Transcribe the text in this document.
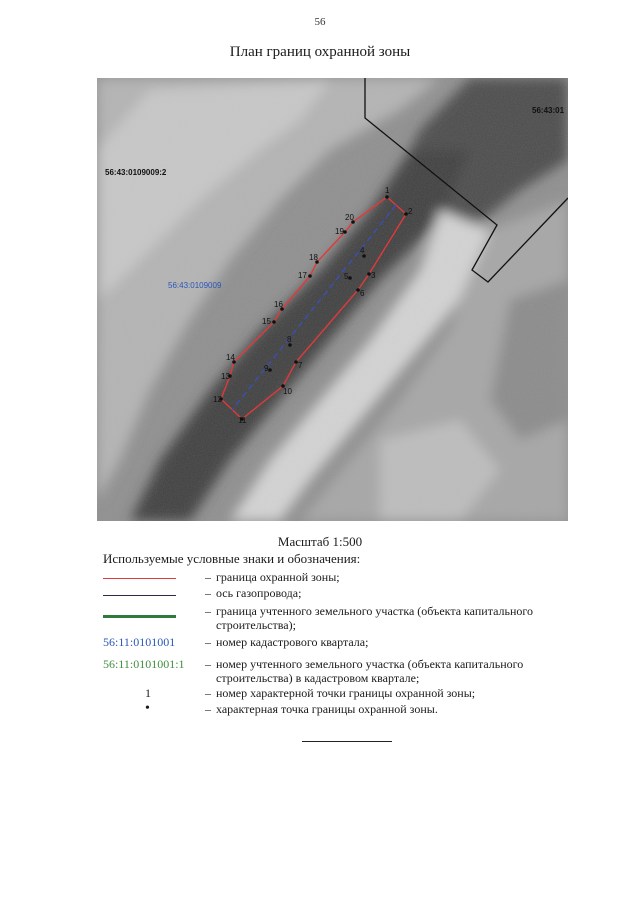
56
План границ охранной зоны
56:43:0109009:2
56:43:01
56:43:0109009
1
2
3
4
5
6
7
8
9
10
11
12
13
14
15
16
17
18
19
20
Масштаб 1:500
Используемые условные знаки и обозначения:
– граница охранной зоны;
– ось газопровода;
– граница учтенного земельного участка (объекта капитального строительства);
56:11:0101001 – номер кадастрового квартала;
56:11:0101001:1	– номер учтенного земельного участка (объекта капитального строительства) в кадастровом квартале;
1	– номер характерной точки границы охранной зоны;
•	– характерная точка границы охранной зоны.
